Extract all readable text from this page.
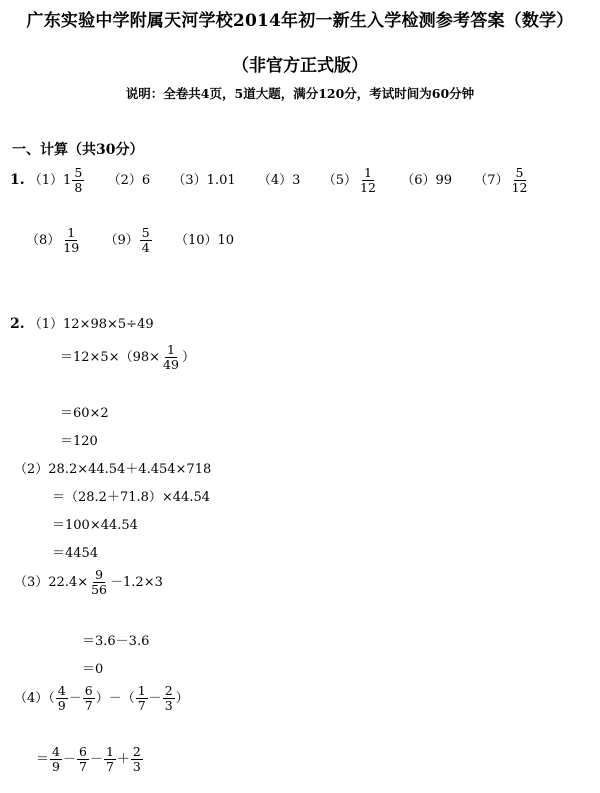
广东实验中学附属天河学校2014年初一新生入学检测参考答案（数学）
（非官方正式版）
说明：全卷共4页，5道大题，满分120分，考试时间为60分钟
一、计算（共30分）
1. $(1)1 \frac{5}{8} (2)6$ （3）1.01 （4）3 $(5) \frac{1}{12} (6)99$ $(7) \frac{5}{12}$
$(8) \frac{1}{19} (9) \frac{5}{4} (10)10$
2. （1）12×98×5÷49
$=12\times 5\times(98\times \frac{1}{49}$ ）
＝60×2
＝120
（2）28.2×44.54＋4.454×718
＝（28.2＋71.8）×44.54
＝100×44.54
＝4454
$(3)22.4\times \frac{9}{56} -1.2\times 3$
＝3.6－3.6
＝0
$(4)( \frac{4}{9} - \frac{6}{7}$ ）－（ $\frac{1}{7} - \frac{2}{3}$ ）
＝ $\frac{4}{9} - \frac{6}{7} - \frac{1}{7} + \frac{2}{3}$
